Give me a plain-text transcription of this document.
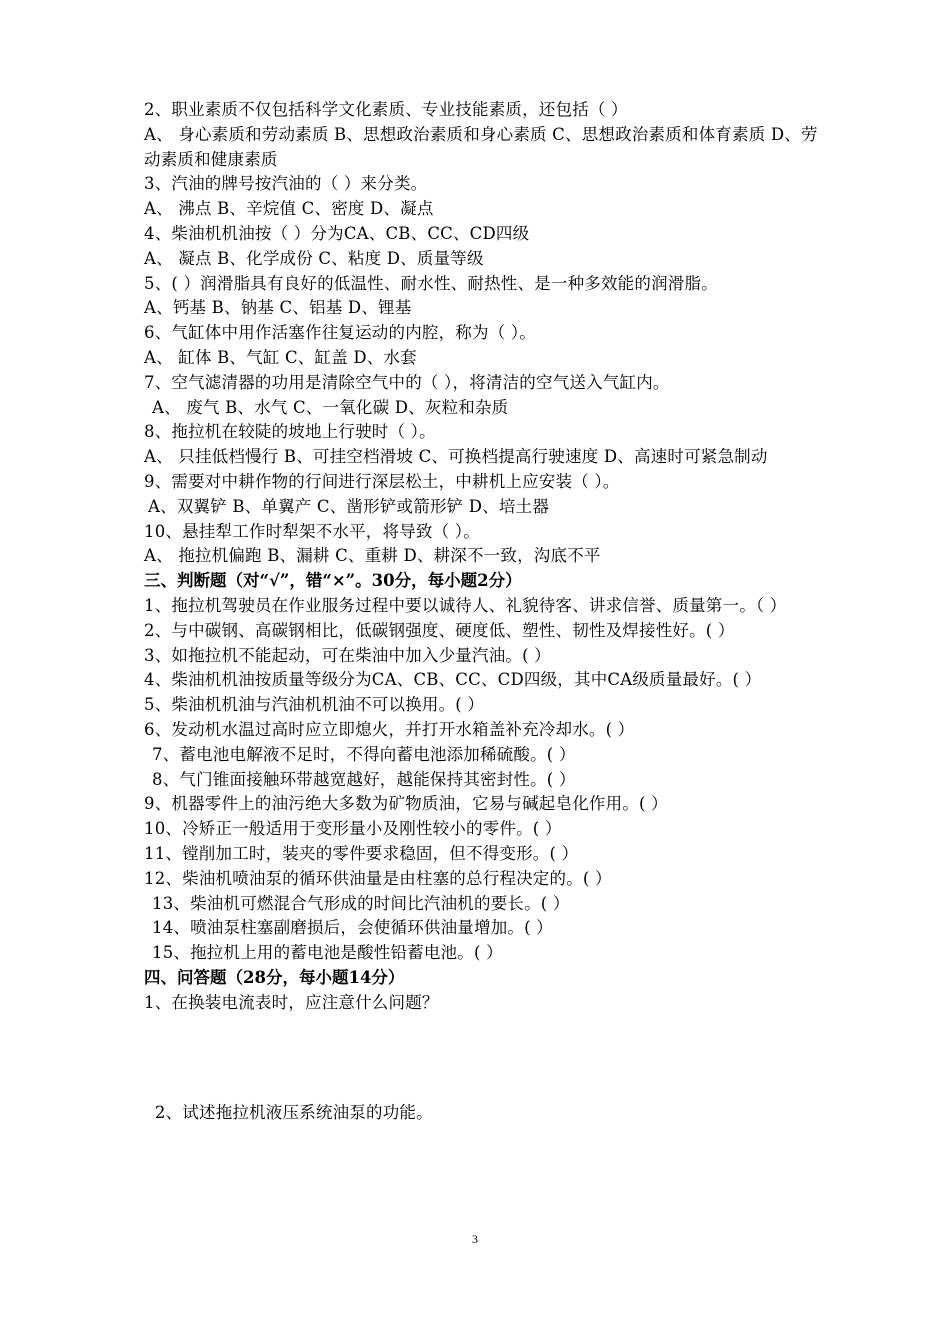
2、职业素质不仅包括科学文化素质、专业技能素质，还包括（ ）
A、 身心素质和劳动素质 B、思想政治素质和身心素质 C、思想政治素质和体育素质 D、劳动素质和健康素质
3、汽油的牌号按汽油的（ ）来分类。
A、 沸点 B、辛烷值 C、密度 D、凝点
4、柴油机机油按（ ）分为CA、CB、CC、CD四级
A、 凝点 B、化学成份 C、粘度 D、质量等级
5、( ）润滑脂具有良好的低温性、耐水性、耐热性、是一种多效能的润滑脂。
A、钙基 B、钠基 C、铝基 D、锂基
6、气缸体中用作活塞作往复运动的内腔，称为（ ）。
A、 缸体 B、气缸 C、缸盖 D、水套
7、空气滤清器的功用是清除空气中的（ ），将清洁的空气送入气缸内。
A、 废气 B、水气 C、一氧化碳 D、灰粒和杂质
8、拖拉机在较陡的坡地上行驶时（ ）。
A、 只挂低档慢行 B、可挂空档滑坡 C、可换档提高行驶速度 D、高速时可紧急制动
9、需要对中耕作物的行间进行深层松土，中耕机上应安装（ ）。
A、双翼铲 B、单翼产 C、凿形铲或箭形铲 D、培土器
10、悬挂犁工作时犁架不水平，将导致（ ）。
A、 拖拉机偏跑 B、漏耕 C、重耕 D、耕深不一致，沟底不平
三、判断题（对“√”，错“×”。30分，每小题2分）
1、拖拉机驾驶员在作业服务过程中要以诚待人、礼貌待客、讲求信誉、质量第一。（ ）
2、与中碳钢、高碳钢相比，低碳钢强度、硬度低、塑性、韧性及焊接性好。( ）
3、如拖拉机不能起动，可在柴油中加入少量汽油。( ）
4、柴油机机油按质量等级分为CA、CB、CC、CD四级，其中CA级质量最好。( ）
5、柴油机机油与汽油机机油不可以换用。( ）
6、发动机水温过高时应立即熄火，并打开水箱盖补充冷却水。( ）
7、蓄电池电解液不足时，不得向蓄电池添加稀硫酸。( ）
8、气门锥面接触环带越宽越好，越能保持其密封性。( ）
9、机器零件上的油污绝大多数为矿物质油，它易与碱起皂化作用。( ）
10、冷矫正一般适用于变形量小及刚性较小的零件。( ）
11、镗削加工时，装夹的零件要求稳固，但不得变形。( ）
12、柴油机喷油泵的循环供油量是由柱塞的总行程决定的。( ）
13、柴油机可燃混合气形成的时间比汽油机的要长。( ）
14、喷油泵柱塞副磨损后，会使循环供油量增加。( ）
15、拖拉机上用的蓄电池是酸性铅蓄电池。( ）
四、问答题（28分，每小题14分）
1、在换装电流表时，应注意什么问题？
2、试述拖拉机液压系统油泵的功能。
3
